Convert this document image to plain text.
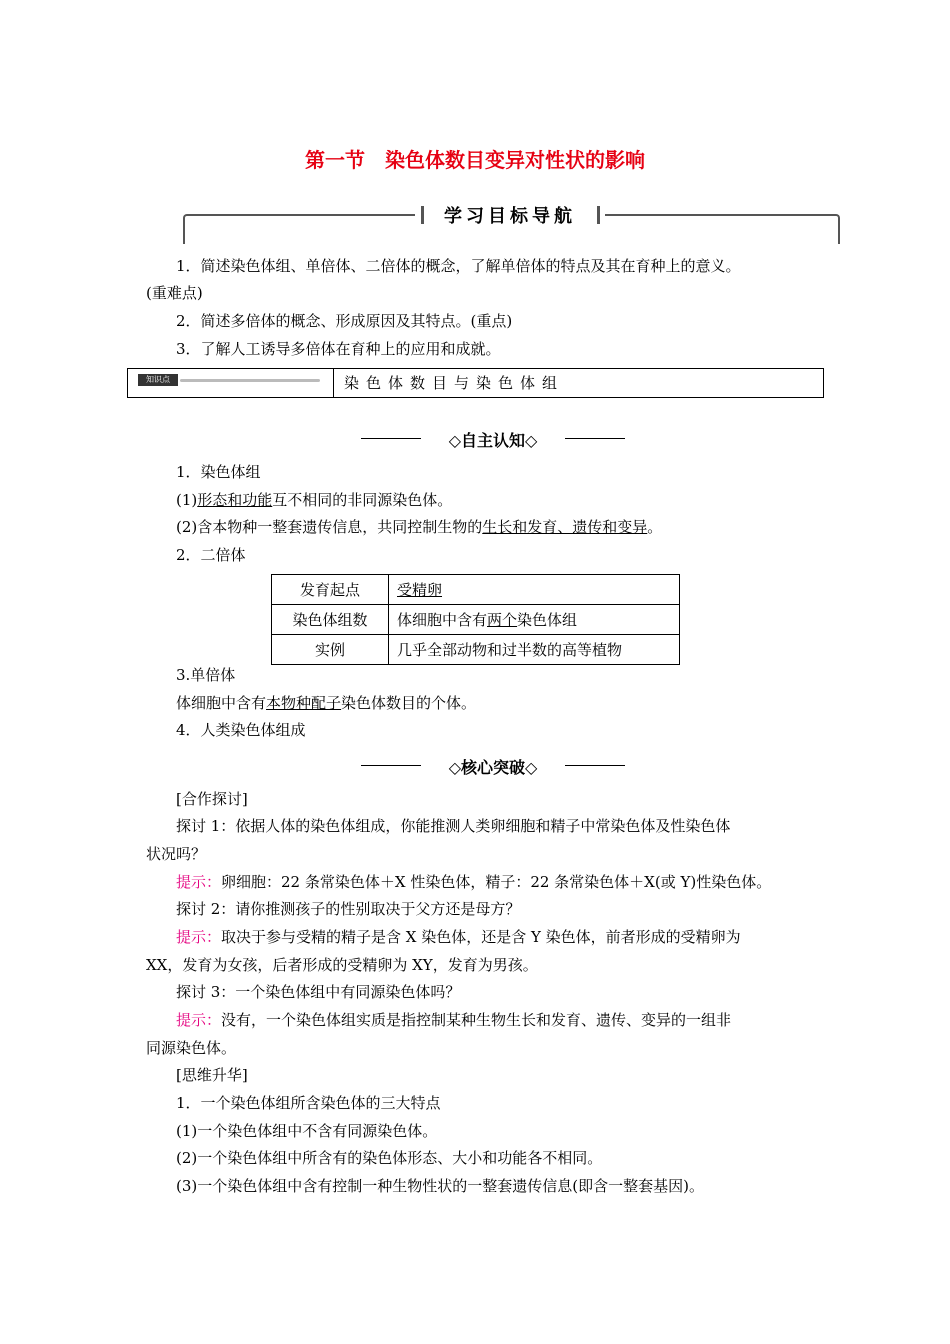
第一节　染色体数目变异对性状的影响
学习目标导航
1．简述染色体组、单倍体、二倍体的概念，了解单倍体的特点及其在育种上的意义。
(重难点)
2．简述多倍体的概念、形成原因及其特点。(重点)
3．了解人工诱导多倍体在育种上的应用和成就。
知识点	染色体数目与染色体组
◇自主认知◇
1．染色体组
(1)形态和功能互不相同的非同源染色体。
(2)含本物种一整套遗传信息，共同控制生物的生长和发育、遗传和变异。
2．二倍体
发育起点	受精卵
染色体组数	体细胞中含有两个染色体组
实例	几乎全部动物和过半数的高等植物
3.单倍体
体细胞中含有本物种配子染色体数目的个体。
4．人类染色体组成
◇核心突破◇
[合作探讨]
探讨 1：依据人体的染色体组成，你能推测人类卵细胞和精子中常染色体及性染色体
状况吗？
提示：卵细胞：22 条常染色体＋X 性染色体，精子：22 条常染色体＋X(或 Y)性染色体。
探讨 2：请你推测孩子的性别取决于父方还是母方？
提示：取决于参与受精的精子是含 X 染色体，还是含 Y 染色体，前者形成的受精卵为
XX，发育为女孩，后者形成的受精卵为 XY，发育为男孩。
探讨 3：一个染色体组中有同源染色体吗？
提示：没有，一个染色体组实质是指控制某种生物生长和发育、遗传、变异的一组非
同源染色体。
[思维升华]
1．一个染色体组所含染色体的三大特点
(1)一个染色体组中不含有同源染色体。
(2)一个染色体组中所含有的染色体形态、大小和功能各不相同。
(3)一个染色体组中含有控制一种生物性状的一整套遗传信息(即含一整套基因)。
